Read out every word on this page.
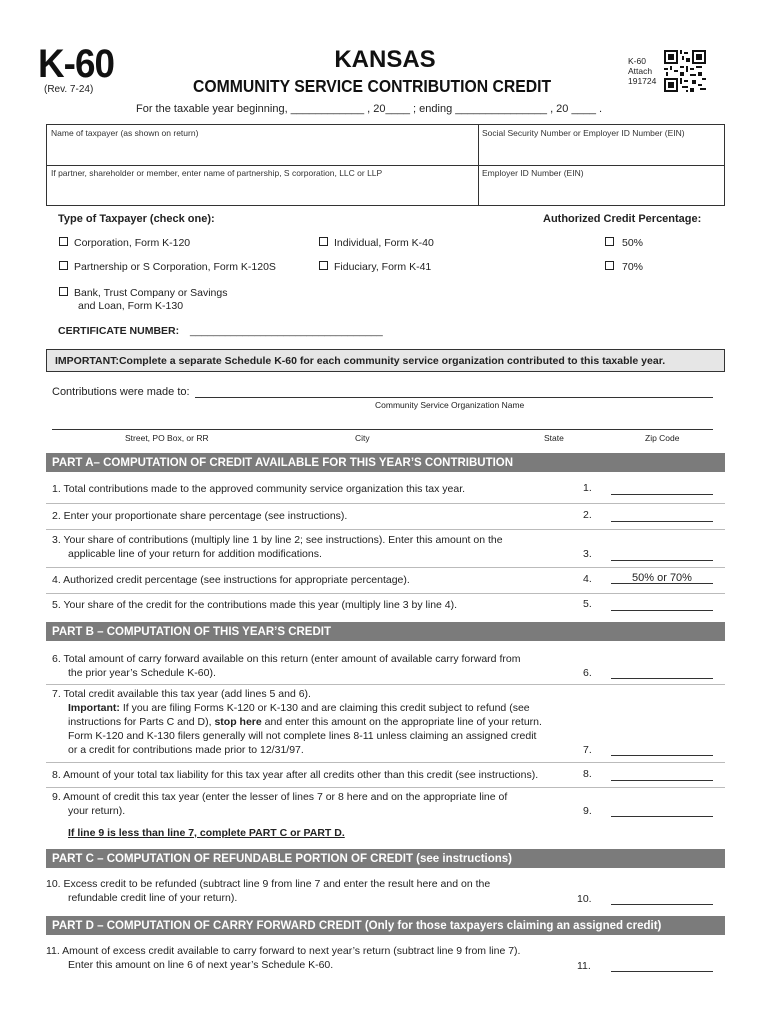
K-60
(Rev. 7-24)
KANSAS
COMMUNITY SERVICE CONTRIBUTION CREDIT
K-60
Attach
191724
For the taxable year beginning, ____________ , 20____ ; ending _______________ , 20 ____ .
Name of taxpayer (as shown on return)	Social Security Number or Employer ID Number (EIN)
If partner, shareholder or member, enter name of partnership, S corporation, LLC or LLP	Employer ID Number (EIN)
Type of Taxpayer (check one):	Authorized Credit Percentage:
Corporation, Form K-120	Individual, Form K-40	50%
Partnership or S Corporation, Form K-120S	Fiduciary, Form K-41	70%
Bank, Trust Company or Savings
and Loan, Form K-130
CERTIFICATE NUMBER: _________________________________
IMPORTANT: Complete a separate Schedule K-60 for each community service organization contributed to this taxable year.
Contributions were made to:
Community Service Organization Name
Street, PO Box, or RR	City	State	Zip Code
PART A– COMPUTATION OF CREDIT AVAILABLE FOR THIS YEAR’S CONTRIBUTION
1. Total contributions made to the approved community service organization this tax year.	1.
2. Enter your proportionate share percentage (see instructions).	2.
3. Your share of contributions (multiply line 1 by line 2; see instructions). Enter this amount on the
applicable line of your return for addition modifications.	3.
4. Authorized credit percentage (see instructions for appropriate percentage).	4.	50% or 70%
5. Your share of the credit for the contributions made this year (multiply line 3 by line 4).	5.
PART B – COMPUTATION OF THIS YEAR’S CREDIT
6. Total amount of carry forward available on this return (enter amount of available carry forward from
the prior year’s Schedule K-60).	6.
7. Total credit available this tax year (add lines 5 and 6).
Important: If you are filing Forms K-120 or K-130 and are claiming this credit subject to refund (see
instructions for Parts C and D), stop here and enter this amount on the appropriate line of your return.
Form K-120 and K-130 filers generally will not complete lines 8-11 unless claiming an assigned credit
or a credit for contributions made prior to 12/31/97.	7.
8. Amount of your total tax liability for this tax year after all credits other than this credit (see instructions).	8.
9. Amount of credit this tax year (enter the lesser of lines 7 or 8 here and on the appropriate line of
your return).	9.
If line 9 is less than line 7, complete PART C or PART D.
PART C – COMPUTATION OF REFUNDABLE PORTION OF CREDIT (see instructions)
10. Excess credit to be refunded (subtract line 9 from line 7 and enter the result here and on the
refundable credit line of your return).	10.
PART D – COMPUTATION OF CARRY FORWARD CREDIT (Only for those taxpayers claiming an assigned credit)
11. Amount of excess credit available to carry forward to next year’s return (subtract line 9 from line 7).
Enter this amount on line 6 of next year’s Schedule K-60.	11.
